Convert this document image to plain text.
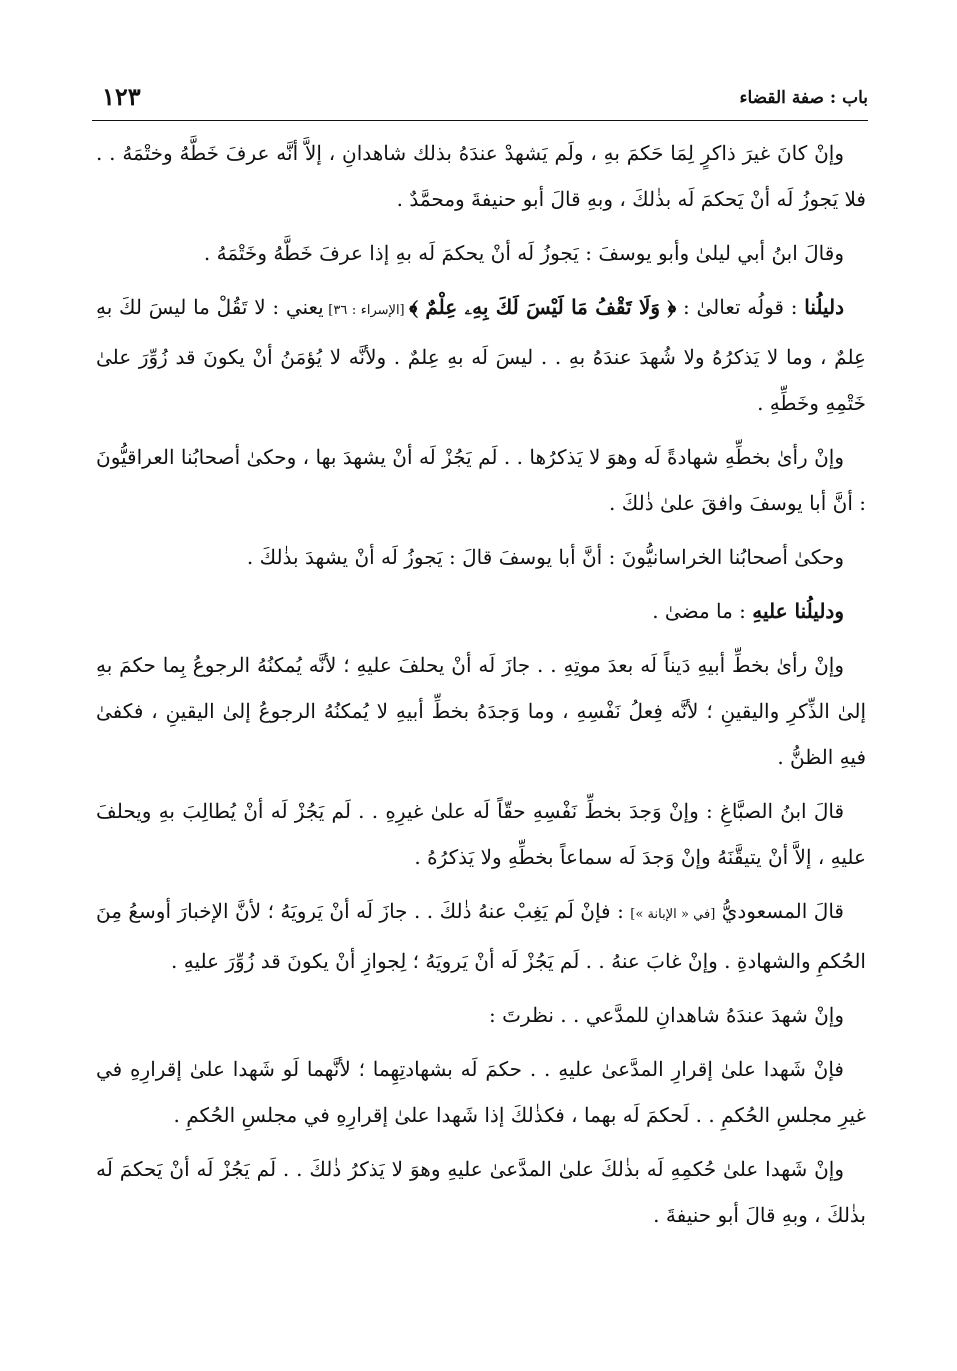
باب : صفة القضاء
١٢٣

وإنْ كانَ غيرَ ذاكرٍ لِمَا حَكمَ بهِ ، ولَم يَشهدْ عندَهُ بذلك شاهدانِ ، إلاَّ أنَّه عرفَ خَطَّهُ وختْمَهُ . . فلا يَجوزُ لَه أنْ يَحكمَ لَه بذٰلكَ ، وبهِ قالَ أبو حنيفةَ ومحمَّدٌ .

وقالَ ابنُ أبي ليلىٰ وأبو يوسفَ : يَجوزُ لَه أنْ يحكمَ لَه بهِ إذا عرفَ خَطَّهُ وخَتْمَهُ .

دليلُنا : قولُه تعالىٰ : ﴿ وَلَا تَقْفُ مَا لَيْسَ لَكَ بِهِۦ عِلْمٌ ﴾ [الإسراء : ٣٦] يعني : لا تَقُلْ ما ليسَ لكَ بهِ عِلمٌ ، وما لا يَذكرُهُ ولا شُهدَ عندَهُ بهِ . . ليسَ لَه بهِ عِلمٌ . ولأنَّه لا يُؤمَنُ أنْ يكونَ قد زُوِّرَ علىٰ خَتْمِهِ وخَطِّهِ .

وإنْ رأىٰ بخطِّهِ شهادةً لَه وهوَ لا يَذكرُها . . لَم يَجُزْ لَه أنْ يشهدَ بها ، وحكىٰ أصحابُنا العراقيُّونَ : أنَّ أبا يوسفَ وافقَ علىٰ ذٰلكَ .

وحكىٰ أصحابُنا الخراسانيُّونَ : أنَّ أبا يوسفَ قالَ : يَجوزُ لَه أنْ يشهدَ بذٰلكَ .

ودليلُنا عليهِ : ما مضىٰ .

وإنْ رأىٰ بخطِّ أبيهِ دَيناً لَه بعدَ موتِهِ . . جازَ لَه أنْ يحلفَ عليهِ ؛ لأنَّه يُمكنُهُ الرجوعُ بِما حكمَ بهِ إلىٰ الذِّكرِ واليقينِ ؛ لأنَّه فِعلُ نَفْسِهِ ، وما وَجدَهُ بخطِّ أبيهِ لا يُمكنُهُ الرجوعُ إلىٰ اليقينِ ، فكفىٰ فيهِ الظنُّ .

قالَ ابنُ الصبَّاغِ : وإنْ وَجدَ بخطِّ نَفْسِهِ حقّاً لَه علىٰ غيرِهِ . . لَم يَجُزْ لَه أنْ يُطالِبَ بهِ ويحلفَ عليهِ ، إلاَّ أنْ يتيقَّنَهُ وإنْ وَجدَ لَه سماعاً بخطِّهِ ولا يَذكرُهُ .

قالَ المسعوديُّ [في « الإبانة »] : فإنْ لَم يَغِبْ عنهُ ذٰلكَ . . جازَ لَه أنْ يَرويَهُ ؛ لأنَّ الإخبارَ أوسعُ مِنَ الحُكمِ والشهادةِ . وإنْ غابَ عنهُ . . لَم يَجُزْ لَه أنْ يَرويَهُ ؛ لِجوازِ أنْ يكونَ قد زُوِّرَ عليهِ .

وإنْ شهدَ عندَهُ شاهدانِ للمدَّعي . . نظرتَ :

فإنْ شَهدا علىٰ إقرارِ المدَّعىٰ عليهِ . . حكمَ لَه بشهادتِهِما ؛ لأنَّهما لَو شَهدا علىٰ إقرارِهِ في غيرِ مجلسِ الحُكمِ . . لَحكمَ لَه بهما ، فكذٰلكَ إذا شَهدا علىٰ إقرارِهِ في مجلسِ الحُكمِ .

وإنْ شَهدا علىٰ حُكمِهِ لَه بذٰلكَ علىٰ المدَّعىٰ عليهِ وهوَ لا يَذكرُ ذٰلكَ . . لَم يَجُزْ لَه أنْ يَحكمَ لَه بذٰلكَ ، وبهِ قالَ أبو حنيفةَ .
